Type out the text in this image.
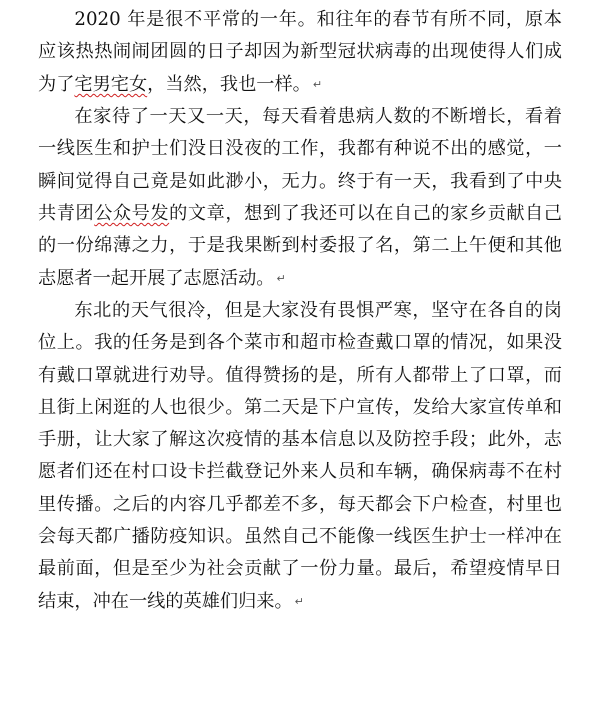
2020 年是很不平常的一年。和往年的春节有所不同，原本应该热热闹闹团圆的日子却因为新型冠状病毒的出现使得人们成为了宅男宅女，当然，我也一样。 ↵

在家待了一天又一天，每天看着患病人数的不断增长，看着一线医生和护士们没日没夜的工作，我都有种说不出的感觉，一瞬间觉得自己竟是如此渺小，无力。终于有一天，我看到了中央共青团公众号发的文章，想到了我还可以在自己的家乡贡献自己的一份绵薄之力，于是我果断到村委报了名，第二上午便和其他志愿者一起开展了志愿活动。 ↵

东北的天气很冷，但是大家没有畏惧严寒，坚守在各自的岗位上。我的任务是到各个菜市和超市检查戴口罩的情况，如果没有戴口罩就进行劝导。值得赞扬的是，所有人都带上了口罩，而且街上闲逛的人也很少。第二天是下户宣传，发给大家宣传单和手册，让大家了解这次疫情的基本信息以及防控手段；此外，志愿者们还在村口设卡拦截登记外来人员和车辆，确保病毒不在村里传播。之后的内容几乎都差不多，每天都会下户检查，村里也会每天都广播防疫知识。虽然自己不能像一线医生护士一样冲在最前面，但是至少为社会贡献了一份力量。最后，希望疫情早日结束，冲在一线的英雄们归来。 ↵
